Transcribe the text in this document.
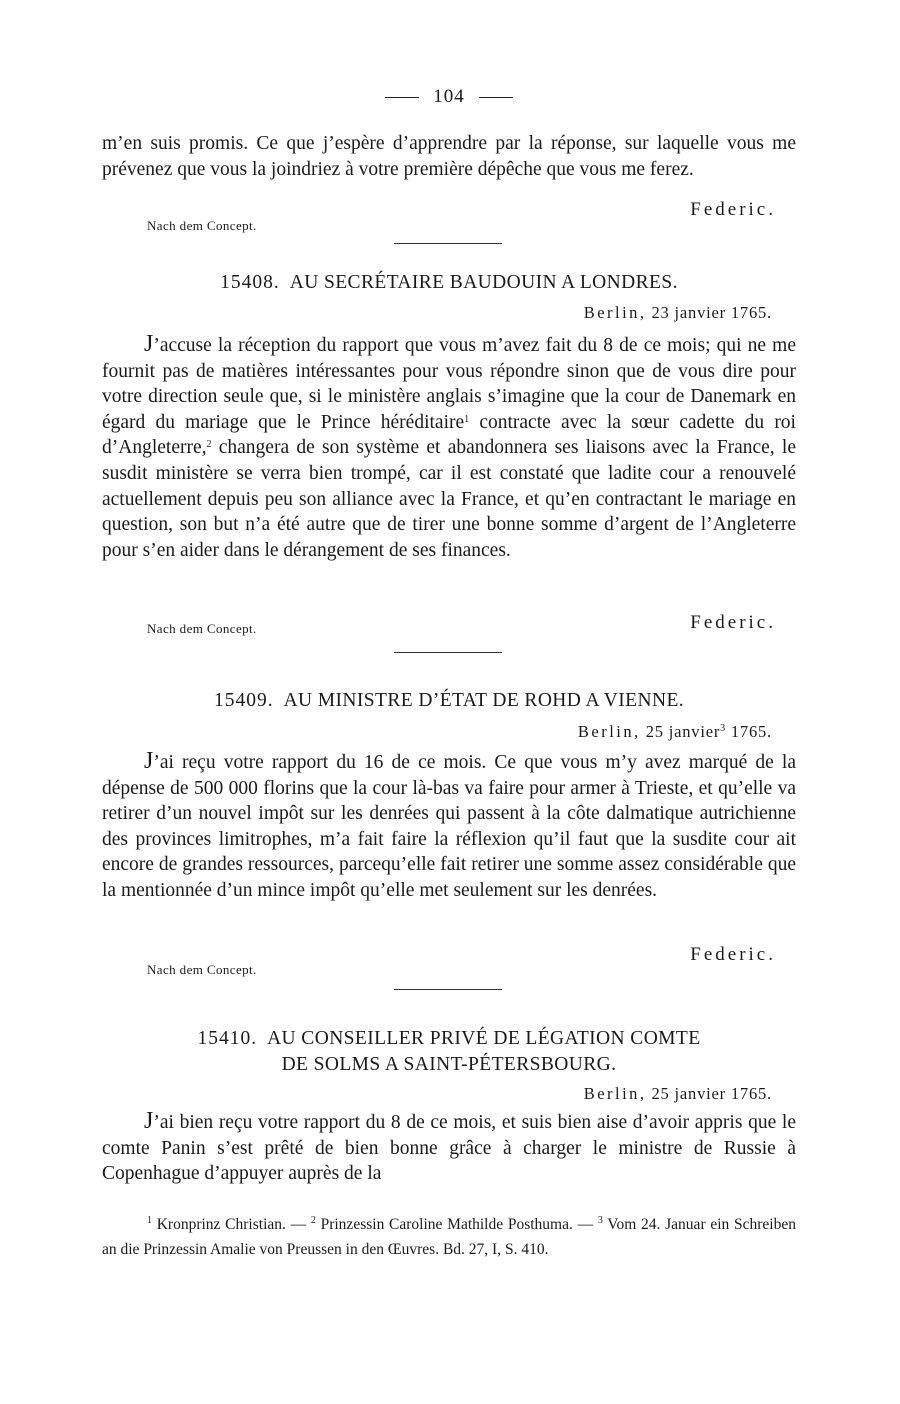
104

m’en suis promis. Ce que j’espère d’apprendre par la réponse, sur laquelle vous me prévenez que vous la joindriez à votre première dépêche que vous me ferez.

Federic.
Nach dem Concept.
15408. AU SECRÉTAIRE BAUDOUIN A LONDRES.
Berlin, 23 janvier 1765.

J’accuse la réception du rapport que vous m’avez fait du 8 de ce mois; qui ne me fournit pas de matières intéressantes pour vous répondre sinon que de vous dire pour votre direction seule que, si le ministère anglais s’imagine que la cour de Danemark en égard du mariage que le Prince héréditaire$^1$ contracte avec la sœur cadette du roi d’Angleterre,$^2$ changera de son système et abandonnera ses liaisons avec la France, le susdit ministère se verra bien trompé, car il est constaté que ladite cour a renouvelé actuellement depuis peu son alliance avec la France, et qu’en contractant le mariage en question, son but n’a été autre que de tirer une bonne somme d’argent de l’Angleterre pour s’en aider dans le dérangement de ses finances.

Federic.
Nach dem Concept.
15409. AU MINISTRE D’ÉTAT DE ROHD A VIENNE.
Berlin, 25 janvier$^3$ 1765.

J’ai reçu votre rapport du 16 de ce mois. Ce que vous m’y avez marqué de la dépense de 500 000 florins que la cour là-bas va faire pour armer à Trieste, et qu’elle va retirer d’un nouvel impôt sur les denrées qui passent à la côte dalmatique autrichienne des provinces limitrophes, m’a fait faire la réflexion qu’il faut que la susdite cour ait encore de grandes ressources, parcequ’elle fait retirer une somme assez considérable que la mentionnée d’un mince impôt qu’elle met seulement sur les denrées.

Federic.
Nach dem Concept.
15410. AU CONSEILLER PRIVÉ DE LÉGATION COMTE
DE SOLMS A SAINT-PÉTERSBOURG.
Berlin, 25 janvier 1765.

J’ai bien reçu votre rapport du 8 de ce mois, et suis bien aise d’avoir appris que le comte Panin s’est prêté de bien bonne grâce à charger le ministre de Russie à Copenhague d’appuyer auprès de la

$^1$ Kronprinz Christian. — $^2$ Prinzessin Caroline Mathilde Posthuma. — $^3$ Vom 24. Januar ein Schreiben an die Prinzessin Amalie von Preussen in den Œuvres. Bd. 27, I, S. 410.
